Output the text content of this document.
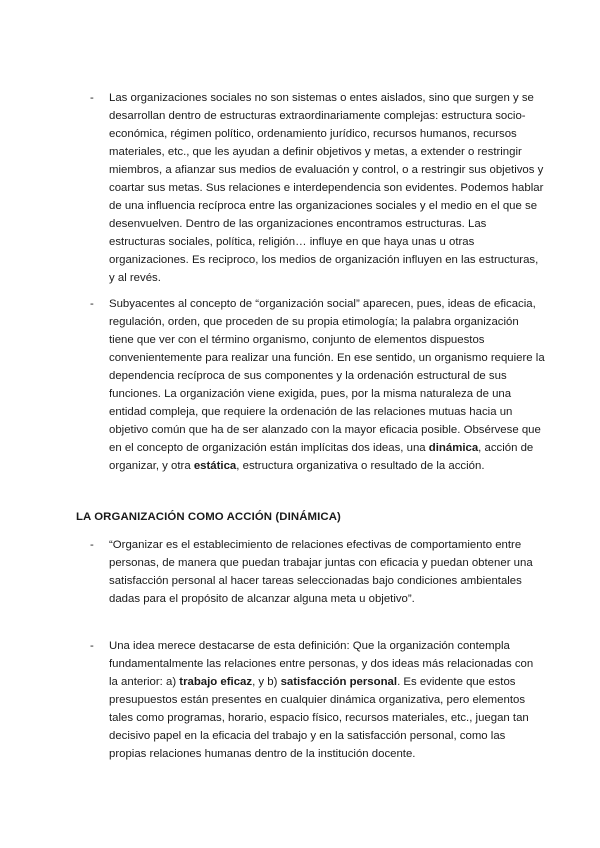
- Las organizaciones sociales no son sistemas o entes aislados, sino que surgen y se desarrollan dentro de estructuras extraordinariamente complejas: estructura socio-económica, régimen político, ordenamiento jurídico, recursos humanos, recursos materiales, etc., que les ayudan a definir objetivos y metas, a extender o restringir miembros, a afianzar sus medios de evaluación y control, o a restringir sus objetivos y coartar sus metas. Sus relaciones e interdependencia son evidentes. Podemos hablar de una influencia recíproca entre las organizaciones sociales y el medio en el que se desenvuelven. Dentro de las organizaciones encontramos estructuras. Las estructuras sociales, política, religión… influye en que haya unas u otras organizaciones. Es reciproco, los medios de organización influyen en las estructuras, y al revés.
- Subyacentes al concepto de “organización social” aparecen, pues, ideas de eficacia, regulación, orden, que proceden de su propia etimología; la palabra organización tiene que ver con el término organismo, conjunto de elementos dispuestos convenientemente para realizar una función. En ese sentido, un organismo requiere la dependencia recíproca de sus componentes y la ordenación estructural de sus funciones. La organización viene exigida, pues, por la misma naturaleza de una entidad compleja, que requiere la ordenación de las relaciones mutuas hacia un objetivo común que ha de ser alanzado con la mayor eficacia posible. Obsérvese que en el concepto de organización están implícitas dos ideas, una dinámica, acción de organizar, y otra estática, estructura organizativa o resultado de la acción.
LA ORGANIZACIÓN COMO ACCIÓN (DINÁMICA)
- “Organizar es el establecimiento de relaciones efectivas de comportamiento entre personas, de manera que puedan trabajar juntas con eficacia y puedan obtener una satisfacción personal al hacer tareas seleccionadas bajo condiciones ambientales dadas para el propósito de alcanzar alguna meta u objetivo”.
- Una idea merece destacarse de esta definición: Que la organización contempla fundamentalmente las relaciones entre personas, y dos ideas más relacionadas con la anterior: a) trabajo eficaz, y b) satisfacción personal. Es evidente que estos presupuestos están presentes en cualquier dinámica organizativa, pero elementos tales como programas, horario, espacio físico, recursos materiales, etc., juegan tan decisivo papel en la eficacia del trabajo y en la satisfacción personal, como las propias relaciones humanas dentro de la institución docente.
